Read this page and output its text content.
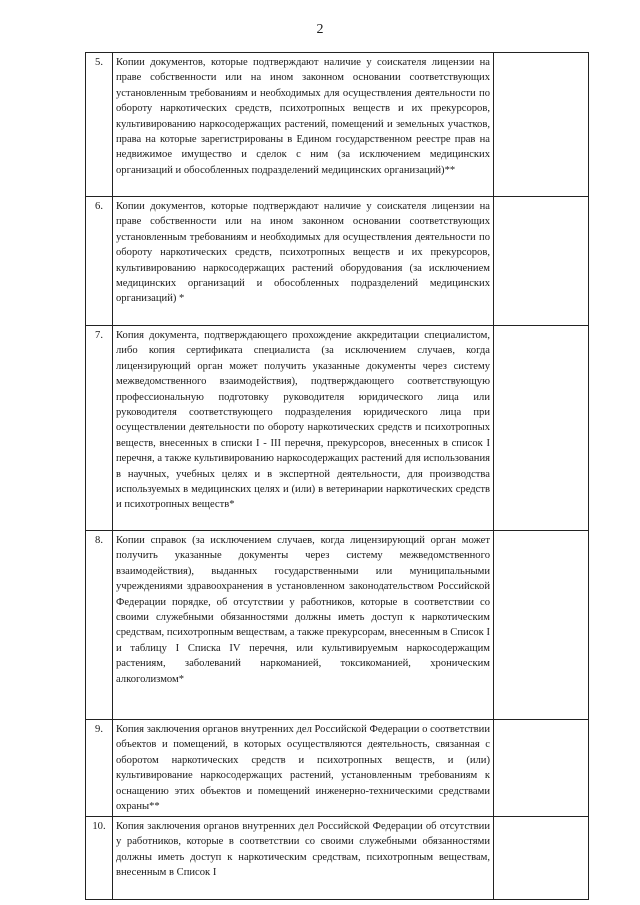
2
5.	Копии документов, которые подтверждают наличие у соискателя лицензии на праве собственности или на ином законном основании соответствующих установленным требованиям и необходимых для осуществления деятельности по обороту наркотических средств, психотропных веществ и их прекурсоров, культивированию наркосодержащих растений, помещений и земельных участков, права на которые зарегистрированы в Едином государственном реестре прав на недвижимое имущество и сделок с ним (за исключением медицинских организаций и обособленных подразделений медицинских организаций)**	
6.	Копии документов, которые подтверждают наличие у соискателя лицензии на праве собственности или на ином законном основании соответствующих установленным требованиям и необходимых для осуществления деятельности по обороту наркотических средств, психотропных веществ и их прекурсоров, культивированию наркосодержащих растений оборудования (за исключением медицинских организаций и обособленных подразделений медицинских организаций) *	
7.	Копия документа, подтверждающего прохождение аккредитации специалистом, либо копия сертификата специалиста (за исключением случаев, когда лицензирующий орган может получить указанные документы через систему межведомственного взаимодействия), подтверждающего соответствующую профессиональную подготовку руководителя юридического лица или руководителя соответствующего подразделения юридического лица при осуществлении деятельности по обороту наркотических средств и психотропных веществ, внесенных в списки I - III перечня, прекурсоров, внесенных в список I перечня, а также культивированию наркосодержащих растений для использования в научных, учебных целях и в экспертной деятельности, для производства используемых в медицинских целях и (или) в ветеринарии наркотических средств и психотропных веществ*	
8.	Копии справок (за исключением случаев, когда лицензирующий орган может получить указанные документы через систему межведомственного взаимодействия), выданных государственными или муниципальными учреждениями здравоохранения в установленном законодательством Российской Федерации порядке, об отсутствии у работников, которые в соответствии со своими служебными обязанностями должны иметь доступ к наркотическим средствам, психотропным веществам, а также прекурсорам, внесенным в Список I и таблицу I Списка IV перечня, или культивируемым наркосодержащим растениям, заболеваний наркоманией, токсикоманией, хроническим алкоголизмом*	
9.	Копия заключения органов внутренних дел Российской Федерации о соответствии объектов и помещений, в которых осуществляются деятельность, связанная с оборотом наркотических средств и психотропных веществ, и (или) культивирование наркосодержащих растений, установленным требованиям к оснащению этих объектов и помещений инженерно-техническими средствами охраны**	
10.	Копия заключения органов внутренних дел Российской Федерации об отсутствии у работников, которые в соответствии со своими служебными обязанностями должны иметь доступ к наркотическим средствам, психотропным веществам, внесенным в Список I	
